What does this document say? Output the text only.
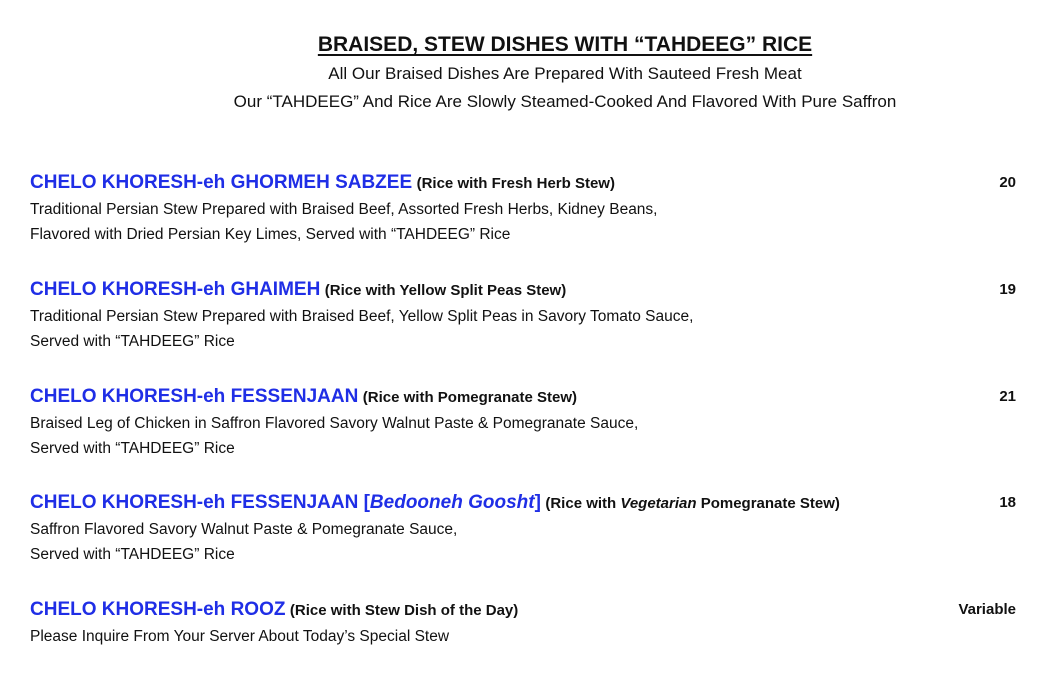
BRAISED, STEW DISHES WITH “TAHDEEG” RICE
All Our Braised Dishes Are Prepared With Sauteed Fresh Meat
Our “TAHDEEG” And Rice Are Slowly Steamed-Cooked And Flavored With Pure Saffron
CHELO KHORESH-eh GHORMEH SABZEE (Rice with Fresh Herb Stew)	20
Traditional Persian Stew Prepared with Braised Beef, Assorted Fresh Herbs, Kidney Beans,
Flavored with Dried Persian Key Limes, Served with “TAHDEEG” Rice
CHELO KHORESH-eh GHAIMEH (Rice with Yellow Split Peas Stew)	19
Traditional Persian Stew Prepared with Braised Beef, Yellow Split Peas in Savory Tomato Sauce,
Served with “TAHDEEG” Rice
CHELO KHORESH-eh FESSENJAAN (Rice with Pomegranate Stew)	21
Braised Leg of Chicken in Saffron Flavored Savory Walnut Paste & Pomegranate Sauce,
Served with “TAHDEEG” Rice
CHELO KHORESH-eh FESSENJAAN [Bedooneh Goosht] (Rice with Vegetarian Pomegranate Stew)	18
Saffron Flavored Savory Walnut Paste & Pomegranate Sauce,
Served with “TAHDEEG” Rice
CHELO KHORESH-eh ROOZ (Rice with Stew Dish of the Day)	Variable
Please Inquire From Your Server About Today’s Special Stew
